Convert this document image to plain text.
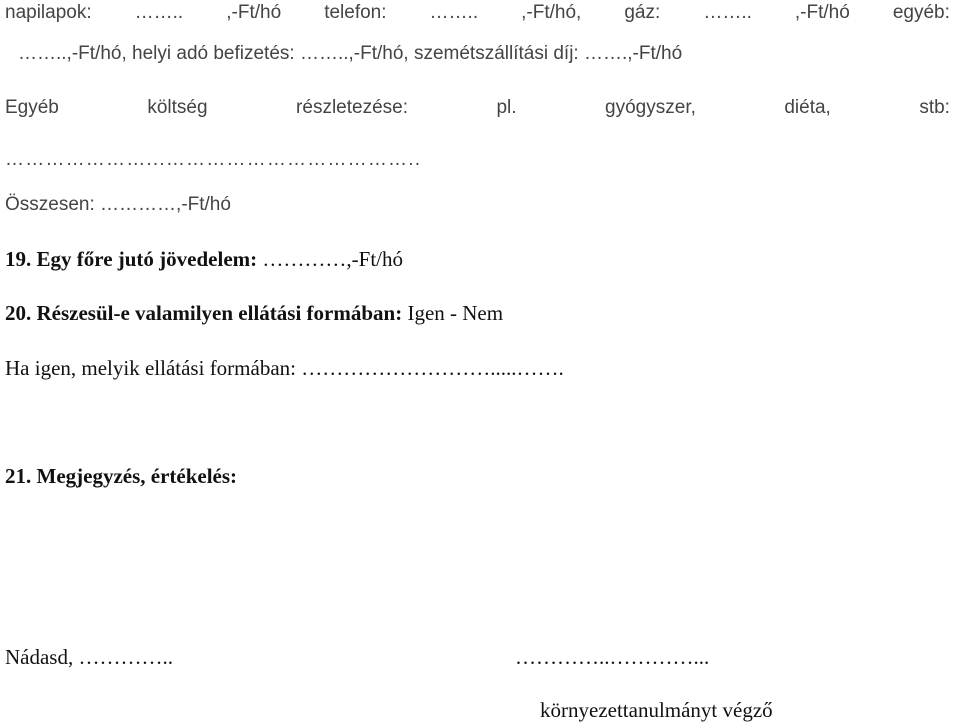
napilapok: …….. ,-Ft/hó telefon: …….. ,-Ft/hó, gáz: …….. ,-Ft/hó egyéb:
……..,-Ft/hó, helyi adó befizetés: ……..,-Ft/hó, szemétszállítási díj: …….,-Ft/hó
Egyéb	költség	részletezése:	pl.	gyógyszer,	diéta,	stb:
…………………...………………………………..
Összesen: …………,-Ft/hó
19. Egy főre jutó jövedelem: …………,-Ft/hó
20. Részesül-e valamilyen ellátási formában: Igen - Nem
Ha igen, melyik ellátási formában: ……………………….....…….
21. Megjegyzés, értékelés:
Nádasd, …………..	…………..…………...
környezettanulmányt végző
